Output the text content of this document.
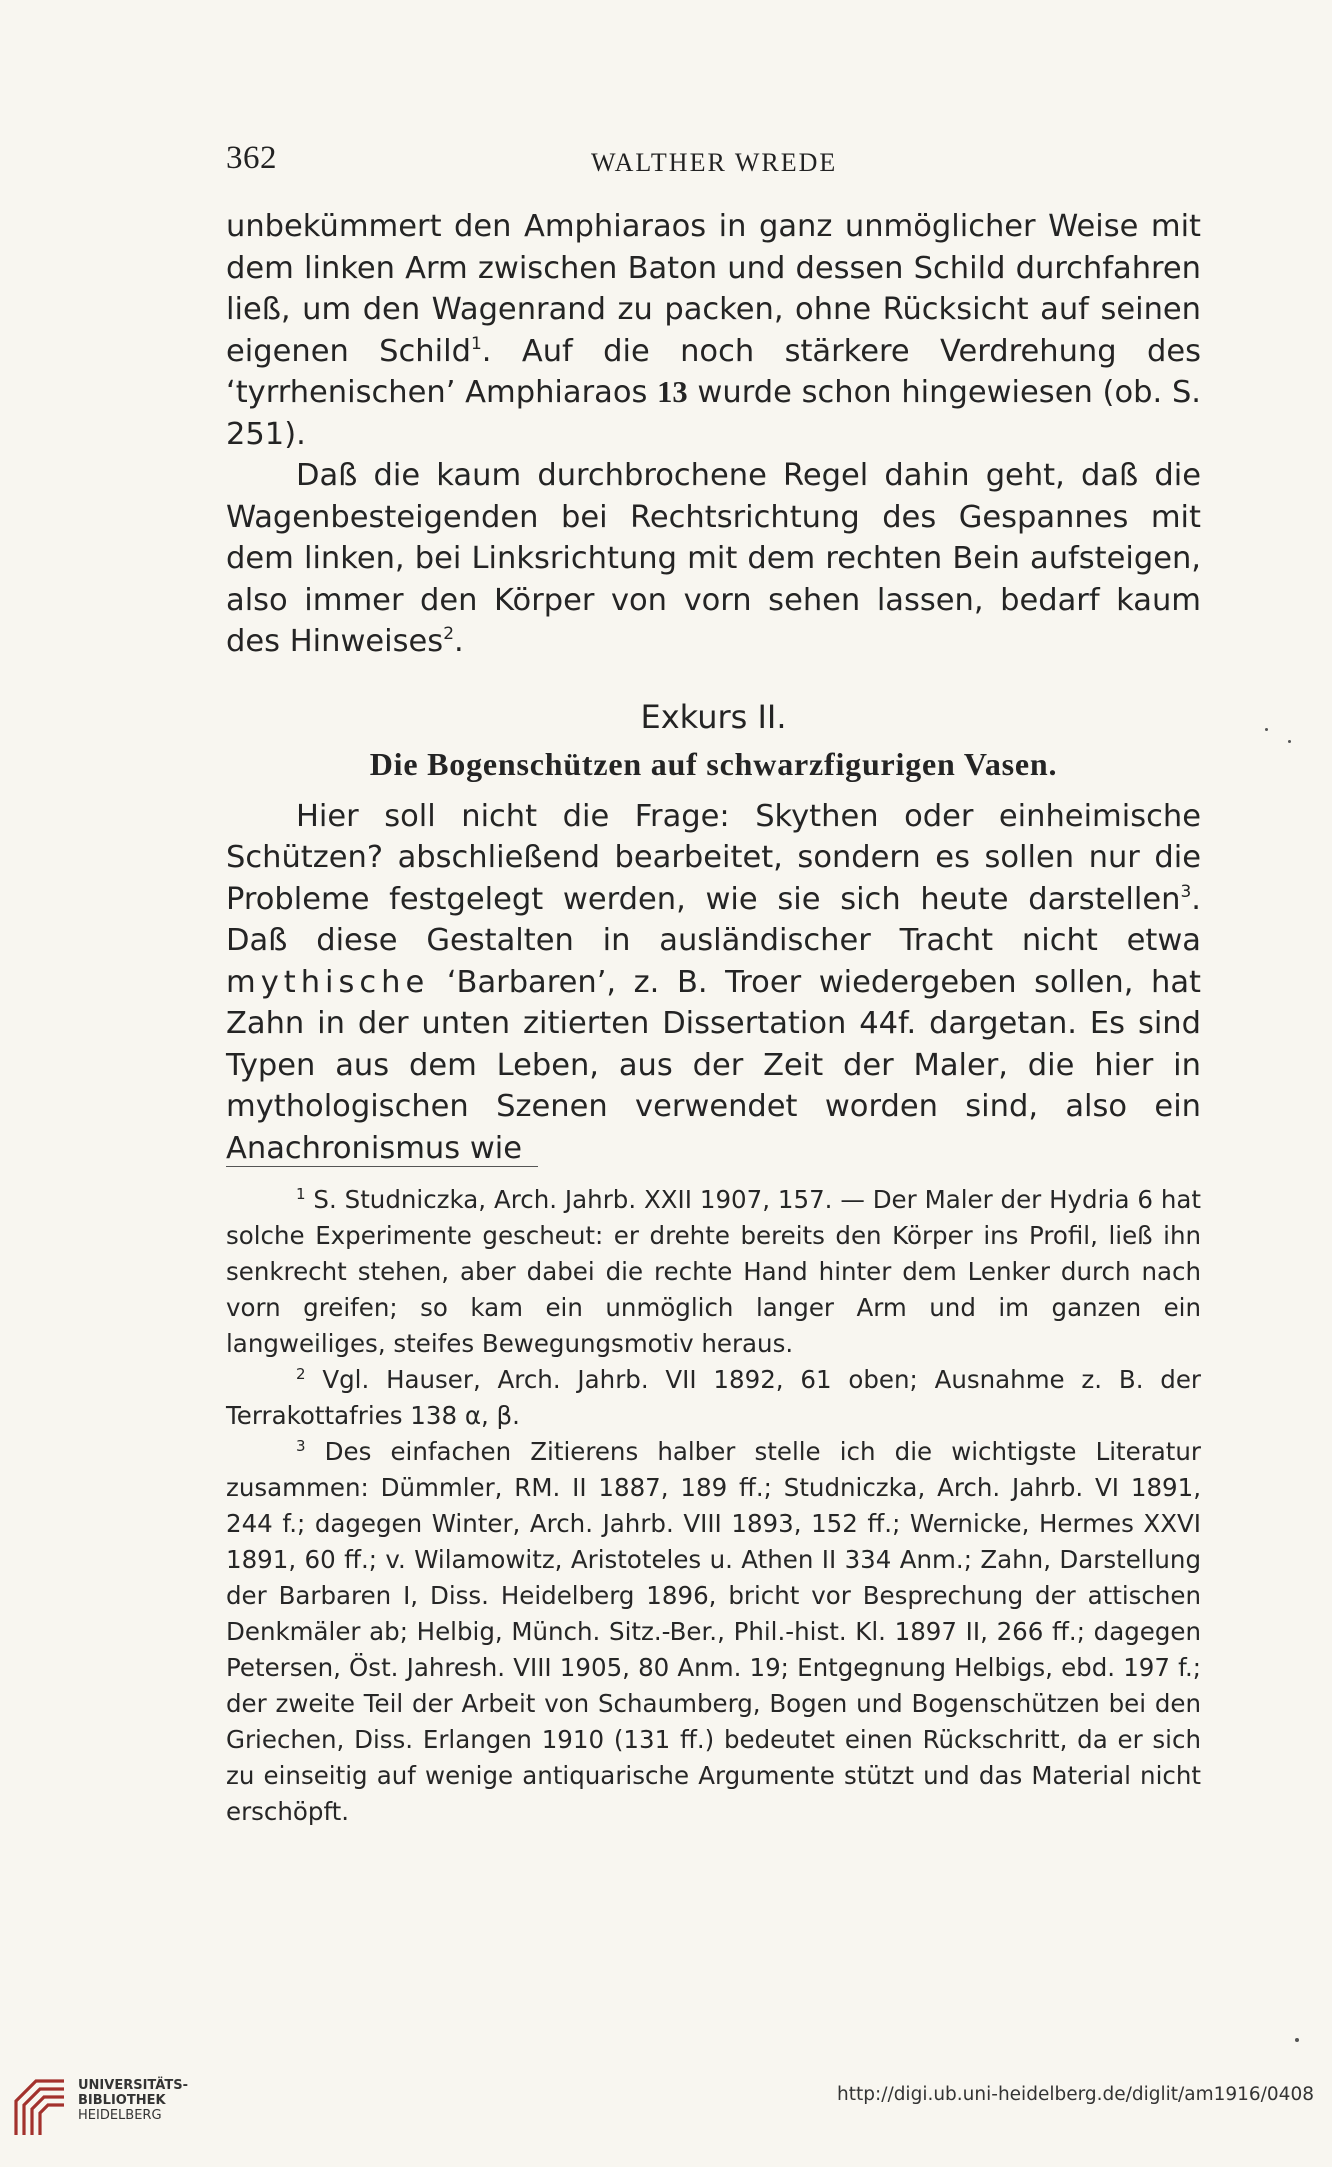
362	WALTHER WREDE

unbekümmert den Amphiaraos in ganz unmöglicher Weise mit dem linken Arm zwischen Baton und dessen Schild durchfahren ließ, um den Wagenrand zu packen, ohne Rücksicht auf seinen eigenen Schild$^1$. Auf die noch stärkere Verdrehung des ‘tyrrhenischen’ Amphiaraos 13 wurde schon hingewiesen (ob. S. 251).

Daß die kaum durchbrochene Regel dahin geht, daß die Wagenbesteigenden bei Rechtsrichtung des Gespannes mit dem linken, bei Linksrichtung mit dem rechten Bein aufsteigen, also immer den Körper von vorn sehen lassen, bedarf kaum des Hinweises$^2$.

Exkurs II.
Die Bogenschützen auf schwarzfigurigen Vasen.

Hier soll nicht die Frage: Skythen oder einheimische Schützen? abschließend bearbeitet, sondern es sollen nur die Probleme festgelegt werden, wie sie sich heute darstellen$^3$. Daß diese Gestalten in ausländischer Tracht nicht etwa mythische ‘Barbaren’, z. B. Troer wiedergeben sollen, hat Zahn in der unten zitierten Dissertation 44f. dargetan. Es sind Typen aus dem Leben, aus der Zeit der Maler, die hier in mythologischen Szenen verwendet worden sind, also ein Anachronismus wie

$^1$ S. Studniczka, Arch. Jahrb. XXII 1907, 157. — Der Maler der Hydria 6 hat solche Experimente gescheut: er drehte bereits den Körper ins Profil, ließ ihn senkrecht stehen, aber dabei die rechte Hand hinter dem Lenker durch nach vorn greifen; so kam ein unmöglich langer Arm und im ganzen ein langweiliges, steifes Bewegungsmotiv heraus.

$^2$ Vgl. Hauser, Arch. Jahrb. VII 1892, 61 oben; Ausnahme z. B. der Terrakottafries 138 α, β.

$^3$ Des einfachen Zitierens halber stelle ich die wichtigste Literatur zusammen: Dümmler, RM. II 1887, 189 ff.; Studniczka, Arch. Jahrb. VI 1891, 244 f.; dagegen Winter, Arch. Jahrb. VIII 1893, 152 ff.; Wernicke, Hermes XXVI 1891, 60 ff.; v. Wilamowitz, Aristoteles u. Athen II 334 Anm.; Zahn, Darstellung der Barbaren I, Diss. Heidelberg 1896, bricht vor Besprechung der attischen Denkmäler ab; Helbig, Münch. Sitz.-Ber., Phil.-hist. Kl. 1897 II, 266 ff.; dagegen Petersen, Öst. Jahresh. VIII 1905, 80 Anm. 19; Entgegnung Helbigs, ebd. 197 f.; der zweite Teil der Arbeit von Schaumberg, Bogen und Bogenschützen bei den Griechen, Diss. Erlangen 1910 (131 ff.) bedeutet einen Rückschritt, da er sich zu einseitig auf wenige antiquarische Argumente stützt und das Material nicht erschöpft.

UNIVERSITÄTS-
BIBLIOTHEK
HEIDELBERG
http://digi.ub.uni-heidelberg.de/diglit/am1916/0408
